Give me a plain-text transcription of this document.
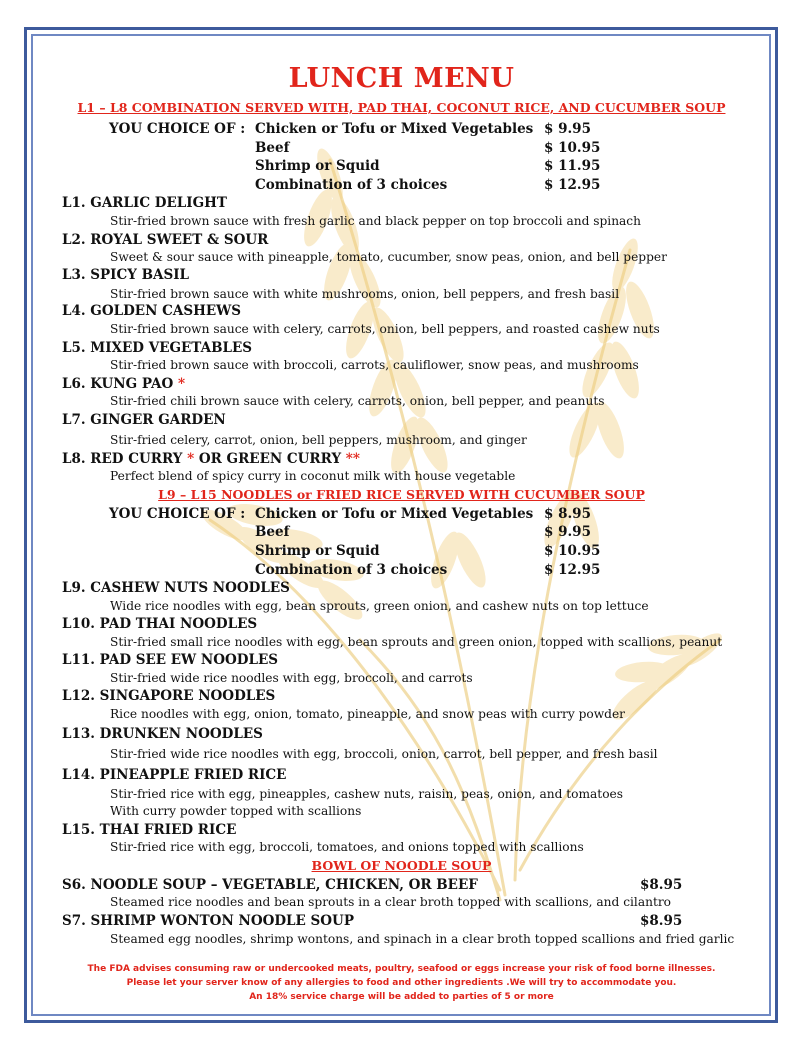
LUNCH MENU
L1 – L8 COMBINATION SERVED WITH, PAD THAI, COCONUT RICE, AND CUCUMBER SOUP
YOU CHOICE OF : Chicken or Tofu or Mixed Vegetables $ 9.95
Beef	$ 10.95
Shrimp or Squid	$ 11.95
Combination of 3 choices	$ 12.95
L1. GARLIC DELIGHT
Stir-fried brown sauce with fresh garlic and black pepper on top broccoli and spinach
L2. ROYAL SWEET & SOUR
Sweet & sour sauce with pineapple, tomato, cucumber, snow peas, onion, and bell pepper
L3. SPICY BASIL
Stir-fried brown sauce with white mushrooms, onion, bell peppers, and fresh basil
L4. GOLDEN CASHEWS
Stir-fried brown sauce with celery, carrots, onion, bell peppers, and roasted cashew nuts
L5. MIXED VEGETABLES
Stir-fried brown sauce with broccoli, carrots, cauliflower, snow peas, and mushrooms
L6. KUNG PAO *
Stir-fried chili brown sauce with celery, carrots, onion, bell pepper, and peanuts
L7. GINGER GARDEN
Stir-fried celery, carrot, onion, bell peppers, mushroom, and ginger
L8. RED CURRY * OR GREEN CURRY **
Perfect blend of spicy curry in coconut milk with house vegetable
L9 – L15 NOODLES or FRIED RICE SERVED WITH CUCUMBER SOUP
YOU CHOICE OF : Chicken or Tofu or Mixed Vegetables $ 8.95
Beef	$ 9.95
Shrimp or Squid	$ 10.95
Combination of 3 choices	$ 12.95
L9. CASHEW NUTS NOODLES
Wide rice noodles with egg, bean sprouts, green onion, and cashew nuts on top lettuce
L10. PAD THAI NOODLES
Stir-fried small rice noodles with egg, bean sprouts and green onion, topped with scallions, peanut
L11. PAD SEE EW NOODLES
Stir-fried wide rice noodles with egg, broccoli, and carrots
L12. SINGAPORE NOODLES
Rice noodles with egg, onion, tomato, pineapple, and snow peas with curry powder
L13. DRUNKEN NOODLES
Stir-fried wide rice noodles with egg, broccoli, onion, carrot, bell pepper, and fresh basil
L14. PINEAPPLE FRIED RICE
Stir-fried rice with egg, pineapples, cashew nuts, raisin, peas, onion, and tomatoes
With curry powder topped with scallions
L15. THAI FRIED RICE
Stir-fried rice with egg, broccoli, tomatoes, and onions topped with scallions
BOWL OF NOODLE SOUP
S6. NOODLE SOUP – VEGETABLE, CHICKEN, OR BEEF	$8.95
Steamed rice noodles and bean sprouts in a clear broth topped with scallions, and cilantro
S7. SHRIMP WONTON NOODLE SOUP	$8.95
Steamed egg noodles, shrimp wontons, and spinach in a clear broth topped scallions and fried garlic
The FDA advises consuming raw or undercooked meats, poultry, seafood or eggs increase your risk of food borne illnesses.
Please let your server know of any allergies to food and other ingredients .We will try to accommodate you.
An 18% service charge will be added to parties of 5 or more
